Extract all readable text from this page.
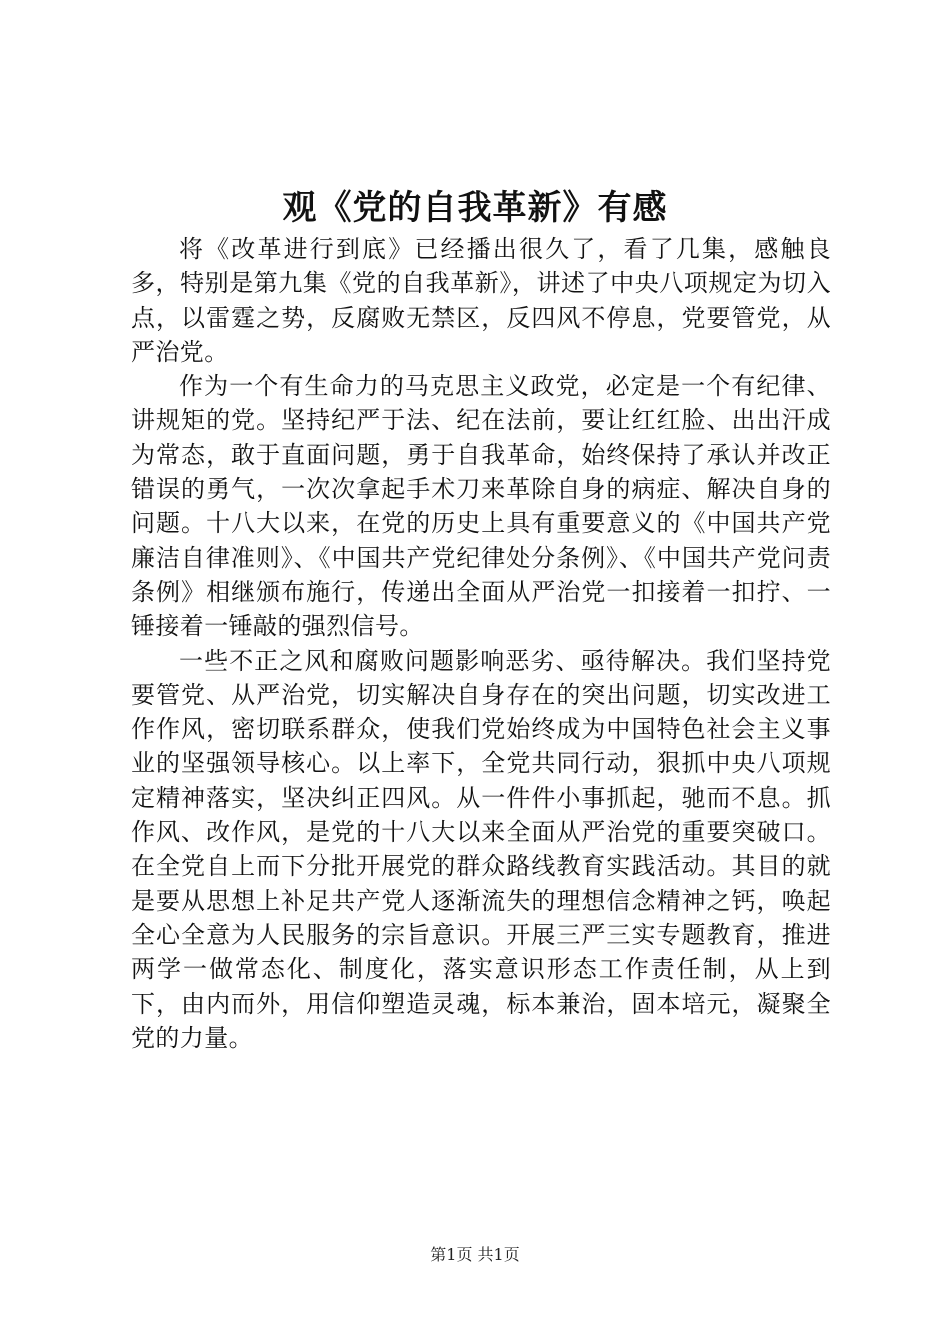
观《党的自我革新》有感

将《改革进行到底》已经播出很久了，看了几集，感触良多，特别是第九集《党的自我革新》，讲述了中央八项规定为切入点，以雷霆之势，反腐败无禁区，反四风不停息，党要管党，从严治党。

作为一个有生命力的马克思主义政党，必定是一个有纪律、讲规矩的党。坚持纪严于法、纪在法前，要让红红脸、出出汗成为常态，敢于直面问题，勇于自我革命，始终保持了承认并改正错误的勇气，一次次拿起手术刀来革除自身的病症、解决自身的问题。十八大以来，在党的历史上具有重要意义的《中国共产党廉洁自律准则》、《中国共产党纪律处分条例》、《中国共产党问责条例》相继颁布施行，传递出全面从严治党一扣接着一扣拧、一锤接着一锤敲的强烈信号。

一些不正之风和腐败问题影响恶劣、亟待解决。我们坚持党要管党、从严治党，切实解决自身存在的突出问题，切实改进工作作风，密切联系群众，使我们党始终成为中国特色社会主义事业的坚强领导核心。以上率下，全党共同行动，狠抓中央八项规定精神落实，坚决纠正四风。从一件件小事抓起，驰而不息。抓作风、改作风，是党的十八大以来全面从严治党的重要突破口。在全党自上而下分批开展党的群众路线教育实践活动。其目的就是要从思想上补足共产党人逐渐流失的理想信念精神之钙，唤起全心全意为人民服务的宗旨意识。开展三严三实专题教育，推进两学一做常态化、制度化，落实意识形态工作责任制，从上到下，由内而外，用信仰塑造灵魂，标本兼治，固本培元，凝聚全党的力量。

第1页 共1页
